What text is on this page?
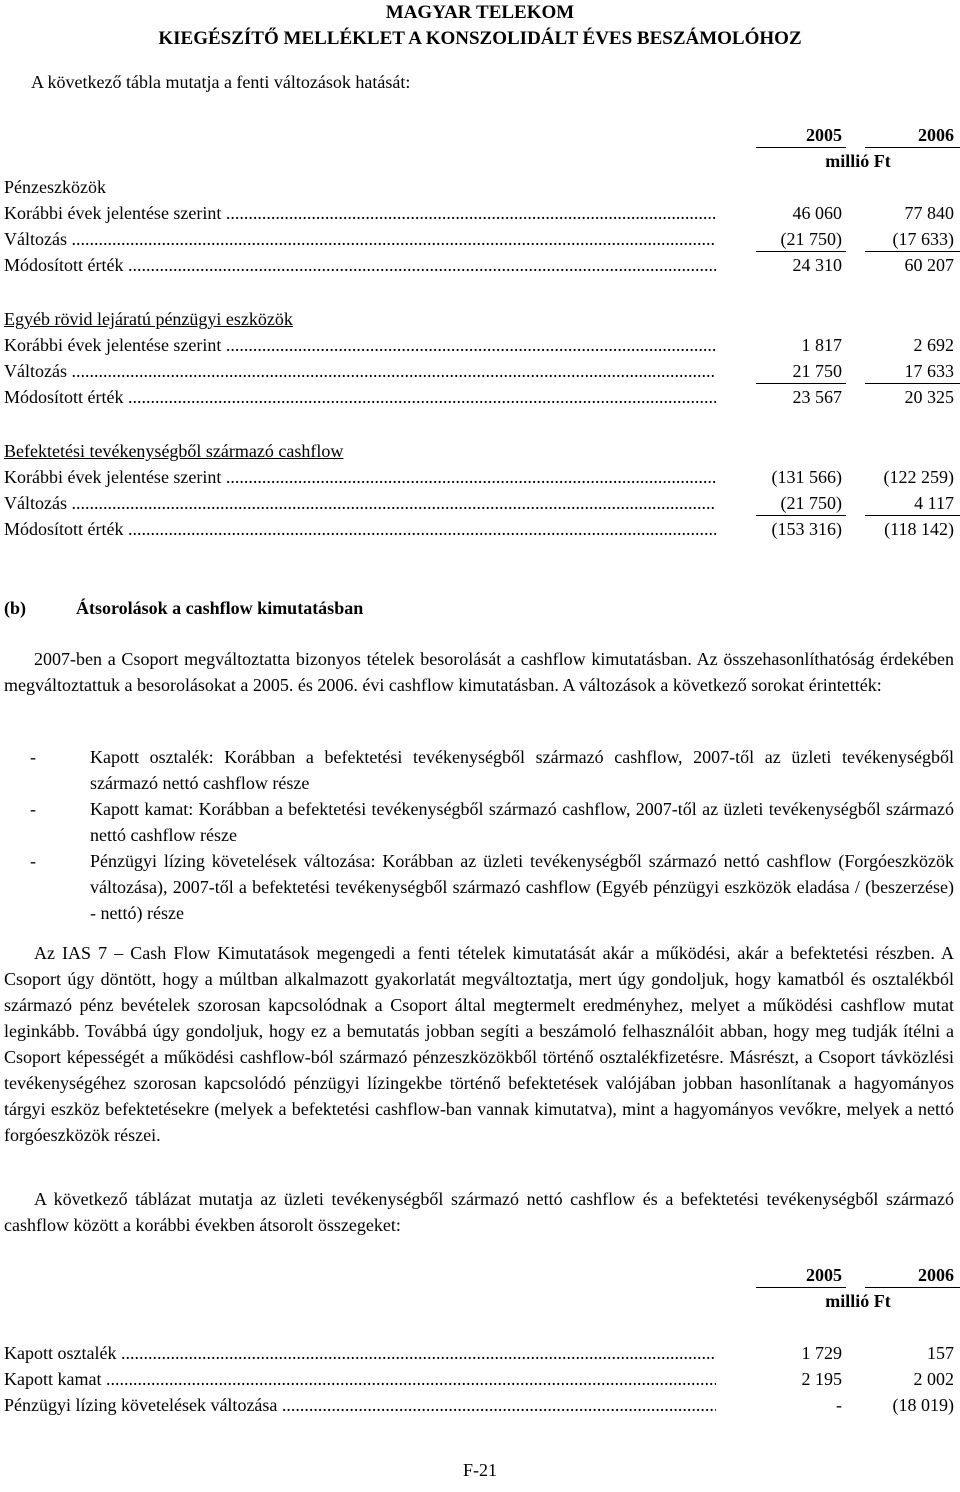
MAGYAR TELEKOM
KIEGÉSZÍTŐ MELLÉKLET A KONSZOLIDÁLT ÉVES BESZÁMOLÓHOZ
A következő tábla mutatja a fenti változások hatását:
2005	2006
millió Ft
Pénzeszközök
Korábbi évek jelentése szerint .....	46 060	77 840
Változás .....	(21 750)	(17 633)
Módosított érték .....	24 310	60 207
Egyéb rövid lejáratú pénzügyi eszközök
Korábbi évek jelentése szerint .....	1 817	2 692
Változás .....	21 750	17 633
Módosított érték .....	23 567	20 325
Befektetési tevékenységből származó cashflow
Korábbi évek jelentése szerint .....	(131 566)	(122 259)
Változás .....	(21 750)	4 117
Módosított érték .....	(153 316)	(118 142)
(b)	Átsorolások a cashflow kimutatásban
2007-ben a Csoport megváltoztatta bizonyos tételek besorolását a cashflow kimutatásban. Az összehasonlíthatóság érdekében megváltoztattuk a besorolásokat a 2005. és 2006. évi cashflow kimutatásban. A változások a következő sorokat érintették:
-	Kapott osztalék: Korábban a befektetési tevékenységből származó cashflow, 2007-től az üzleti tevékenységből származó nettó cashflow része
-	Kapott kamat: Korábban a befektetési tevékenységből származó cashflow, 2007-től az üzleti tevékenységből származó nettó cashflow része
-	Pénzügyi lízing követelések változása: Korábban az üzleti tevékenységből származó nettó cashflow (Forgóeszközök változása), 2007-től a befektetési tevékenységből származó cashflow (Egyéb pénzügyi eszközök eladása / (beszerzése) - nettó) része
Az IAS 7 – Cash Flow Kimutatások megengedi a fenti tételek kimutatását akár a működési, akár a befektetési részben. A Csoport úgy döntött, hogy a múltban alkalmazott gyakorlatát megváltoztatja, mert úgy gondoljuk, hogy kamatból és osztalékból származó pénz bevételek szorosan kapcsolódnak a Csoport által megtermelt eredményhez, melyet a működési cashflow mutat leginkább. Továbbá úgy gondoljuk, hogy ez a bemutatás jobban segíti a beszámoló felhasználóit abban, hogy meg tudják ítélni a Csoport képességét a működési cashflow-ból származó pénzeszközökből történő osztalékfizetésre. Másrészt, a Csoport távközlési tevékenységéhez szorosan kapcsolódó pénzügyi lízingekbe történő befektetések valójában jobban hasonlítanak a hagyományos tárgyi eszköz befektetésekre (melyek a befektetési cashflow-ban vannak kimutatva), mint a hagyományos vevőkre, melyek a nettó forgóeszközök részei.
A következő táblázat mutatja az üzleti tevékenységből származó nettó cashflow és a befektetési tevékenységből származó cashflow között a korábbi években átsorolt összegeket:
2005	2006
millió Ft
Kapott osztalék .....	1 729	157
Kapott kamat .....	2 195	2 002
Pénzügyi lízing követelések változása .....	-	(18 019)
F-21
